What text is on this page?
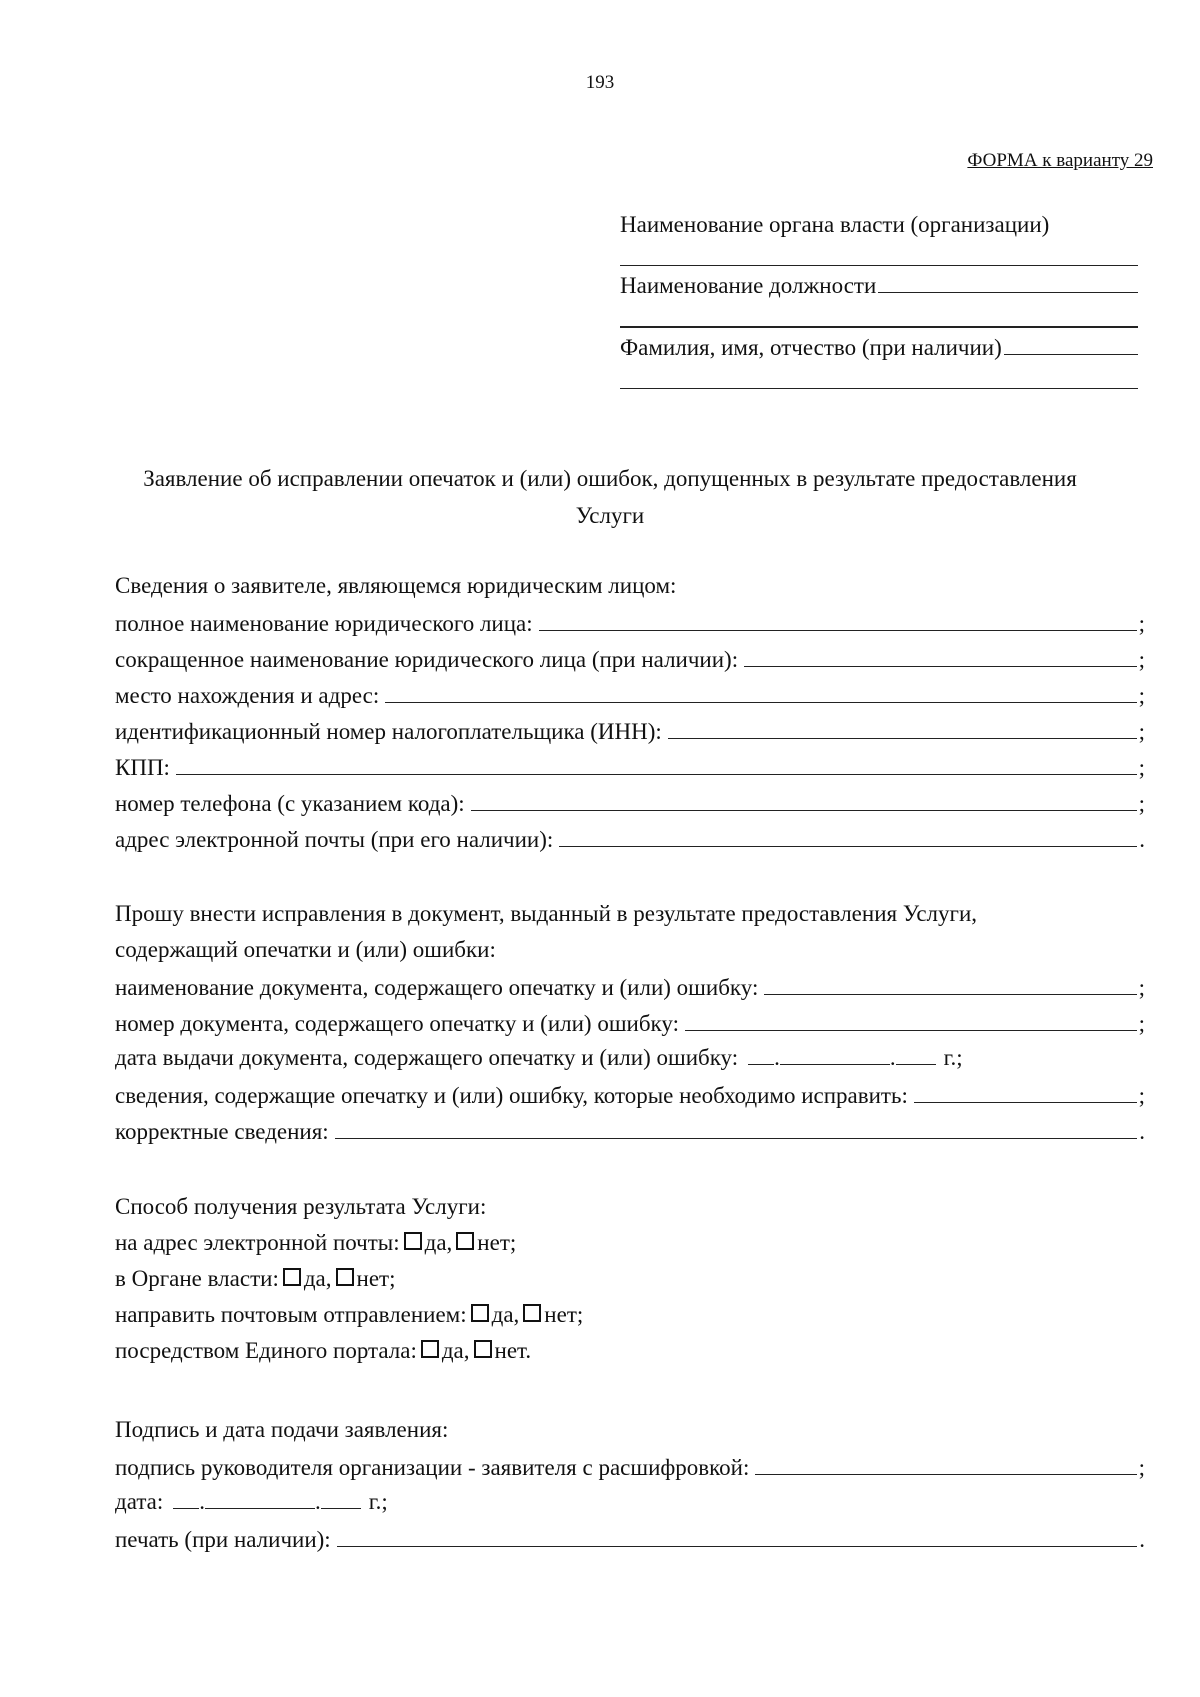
193
ФОРМА к варианту 29
Наименование органа власти (организации)
Наименование должности
Фамилия, имя, отчество (при наличии)
Заявление об исправлении опечаток и (или) ошибок, допущенных в результате предоставления Услуги
Сведения о заявителе, являющемся юридическим лицом:
полное наименование юридического лица:	;
сокращенное наименование юридического лица (при наличии):	;
место нахождения и адрес:	;
идентификационный номер налогоплательщика (ИНН):	;
КПП:	;
номер телефона (с указанием кода):	;
адрес электронной почты (при его наличии):	.
Прошу внести исправления в документ, выданный в результате предоставления Услуги,
содержащий опечатки и (или) ошибки:
наименование документа, содержащего опечатку и (или) ошибку:	;
номер документа, содержащего опечатку и (или) ошибку:	;
дата выдачи документа, содержащего опечатку и (или) ошибку: .	. г.;
сведения, содержащие опечатку и (или) ошибку, которые необходимо исправить:	;
корректные сведения:	.
Способ получения результата Услуги:
на адрес электронной почты: да, нет;
в Органе власти: да, нет;
направить почтовым отправлением: да, нет;
посредством Единого портала: да, нет.
Подпись и дата подачи заявления:
подпись руководителя организации - заявителя с расшифровкой:	;
дата: .	. г.;
печать (при наличии):	.
